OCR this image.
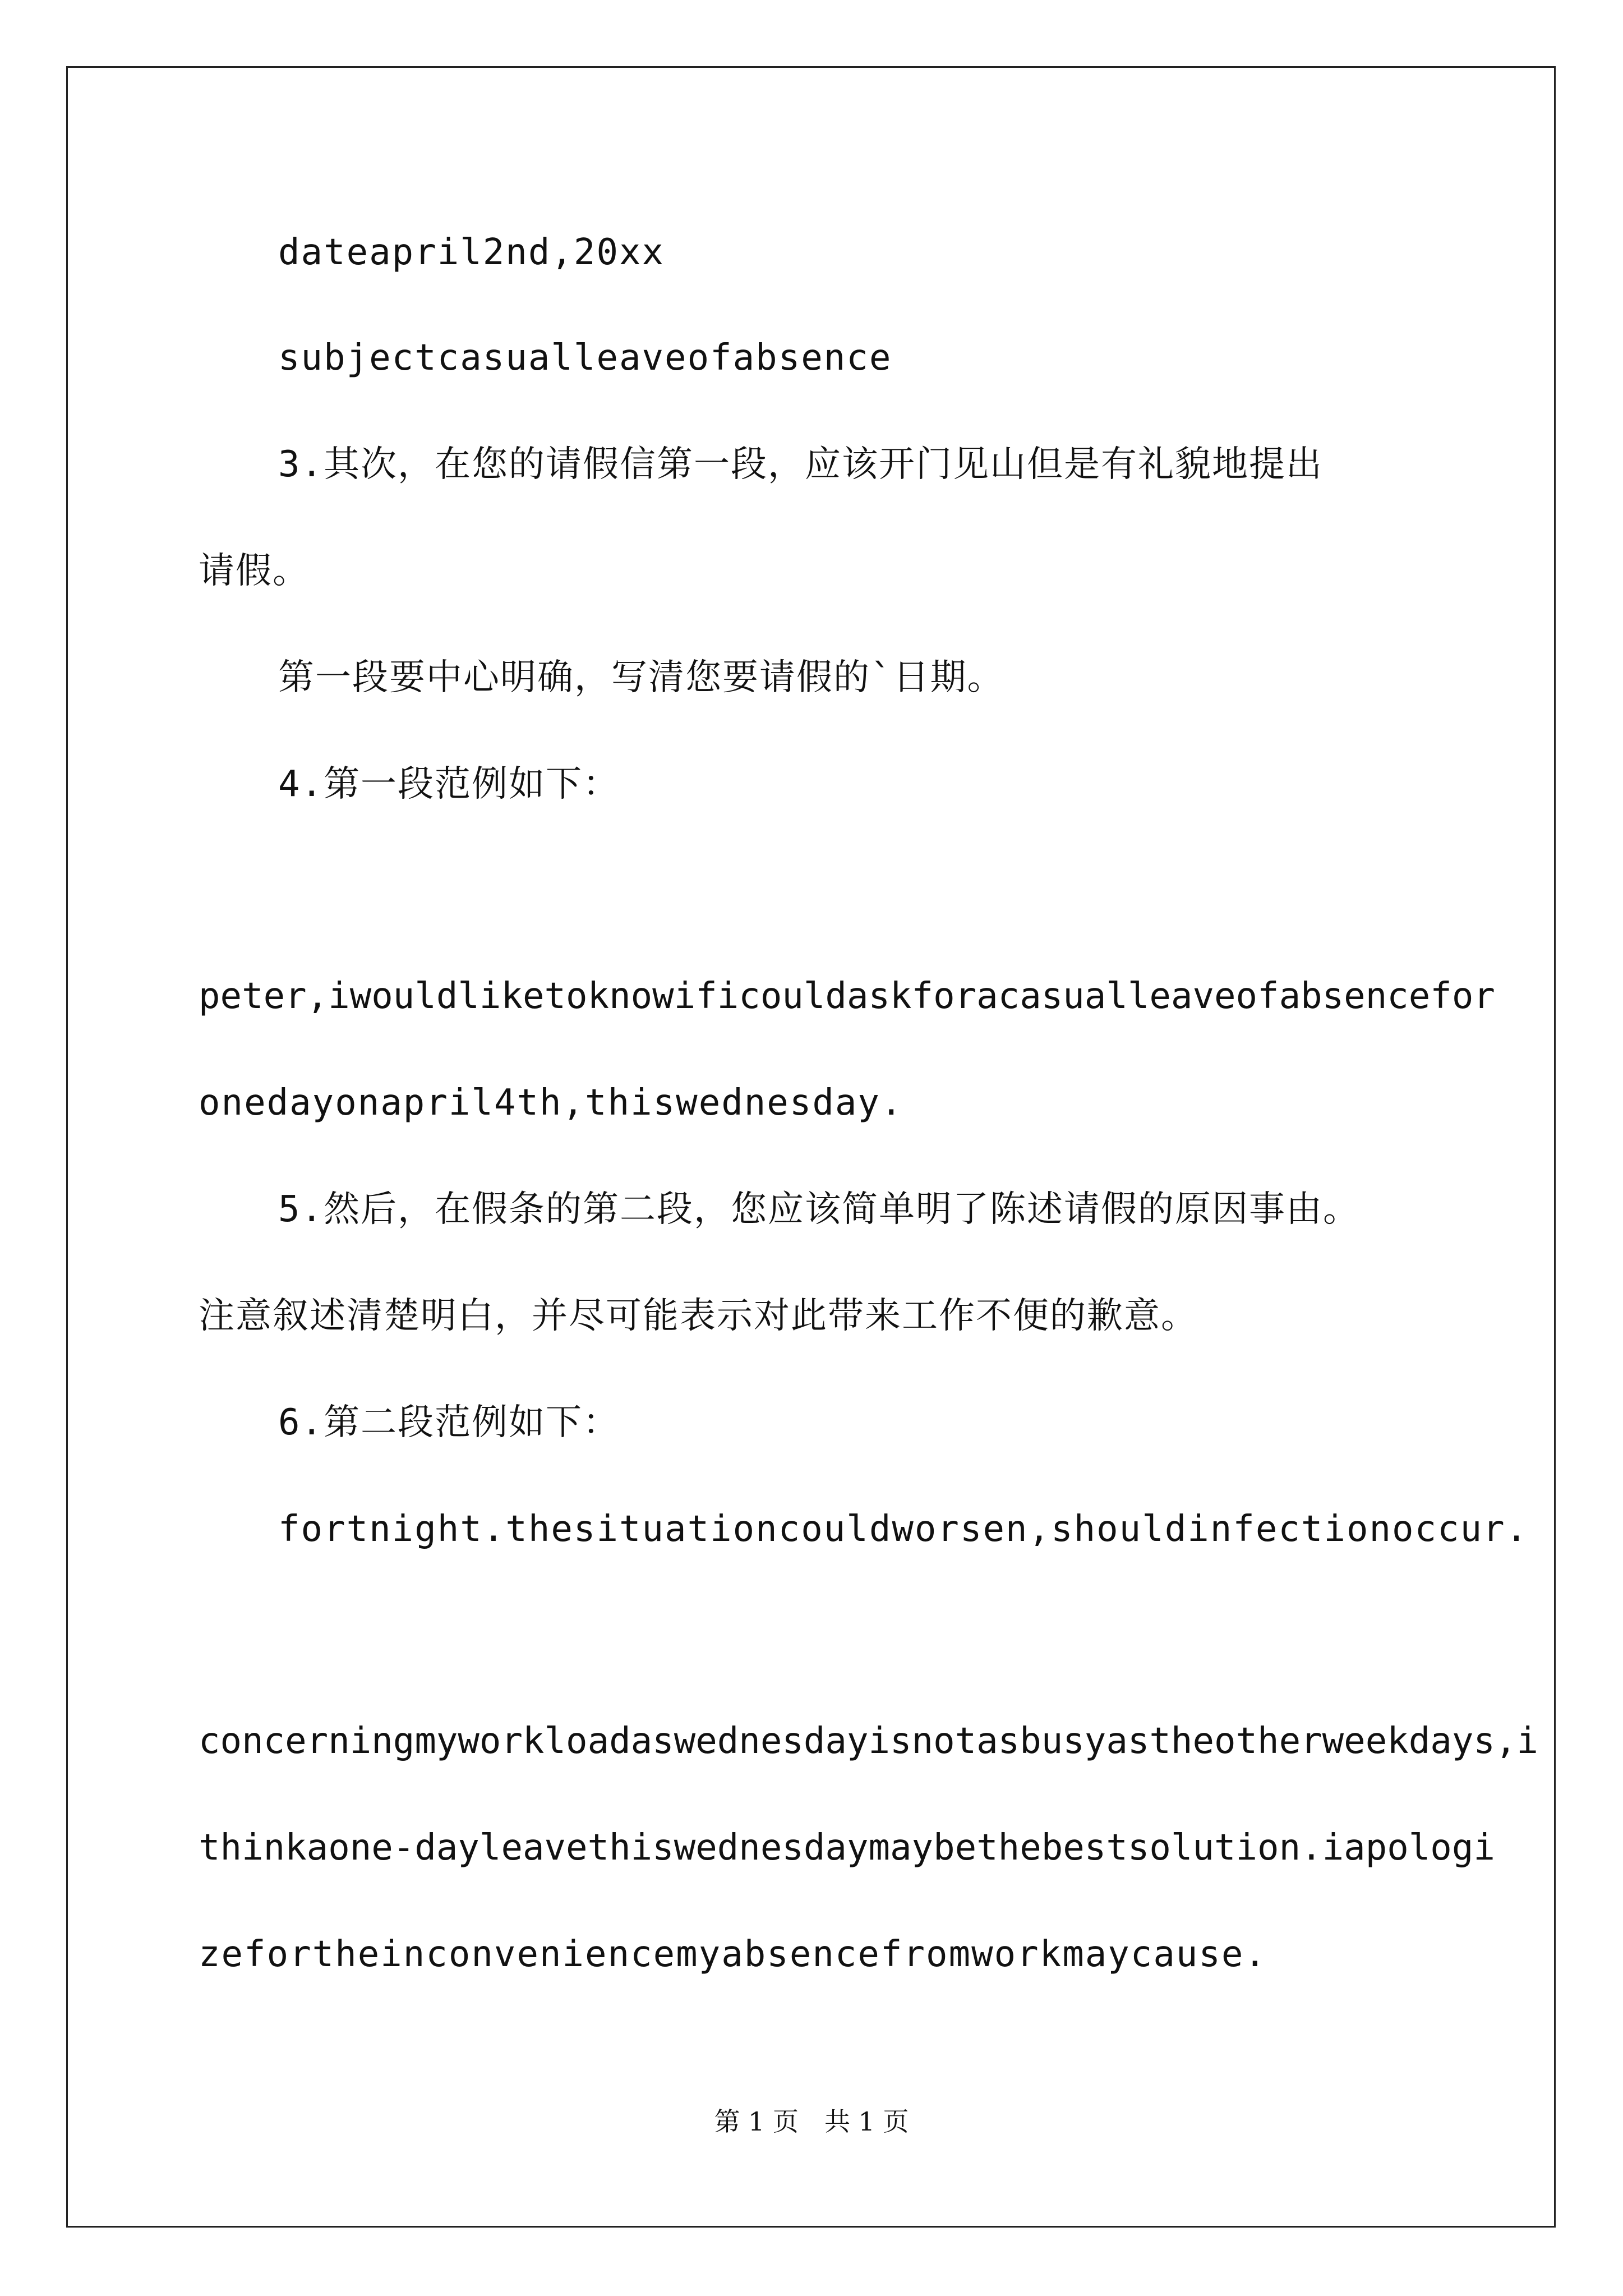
dateapril2nd,20xx
subjectcasualleaveofabsence
3.其次，在您的请假信第一段，应该开门见山但是有礼貌地提出
请假。
第一段要中心明确，写清您要请假的`日期。
4.第一段范例如下：
peter,iwouldliketoknowificouldaskforacasualleaveofabsencefor
onedayonapril4th,thiswednesday.
5.然后，在假条的第二段，您应该简单明了陈述请假的原因事由。
注意叙述清楚明白，并尽可能表示对此带来工作不便的歉意。
6.第二段范例如下：
fortnight.thesituationcouldworsen,shouldinfectionoccur.
concerningmyworkloadaswednesdayisnotasbusyastheotherweekdays,i
thinkaone-dayleavethiswednesdaymaybethebestsolution.iapologi
zefortheinconveniencemyabsencefromworkmaycause.
第 1 页 共 1 页
